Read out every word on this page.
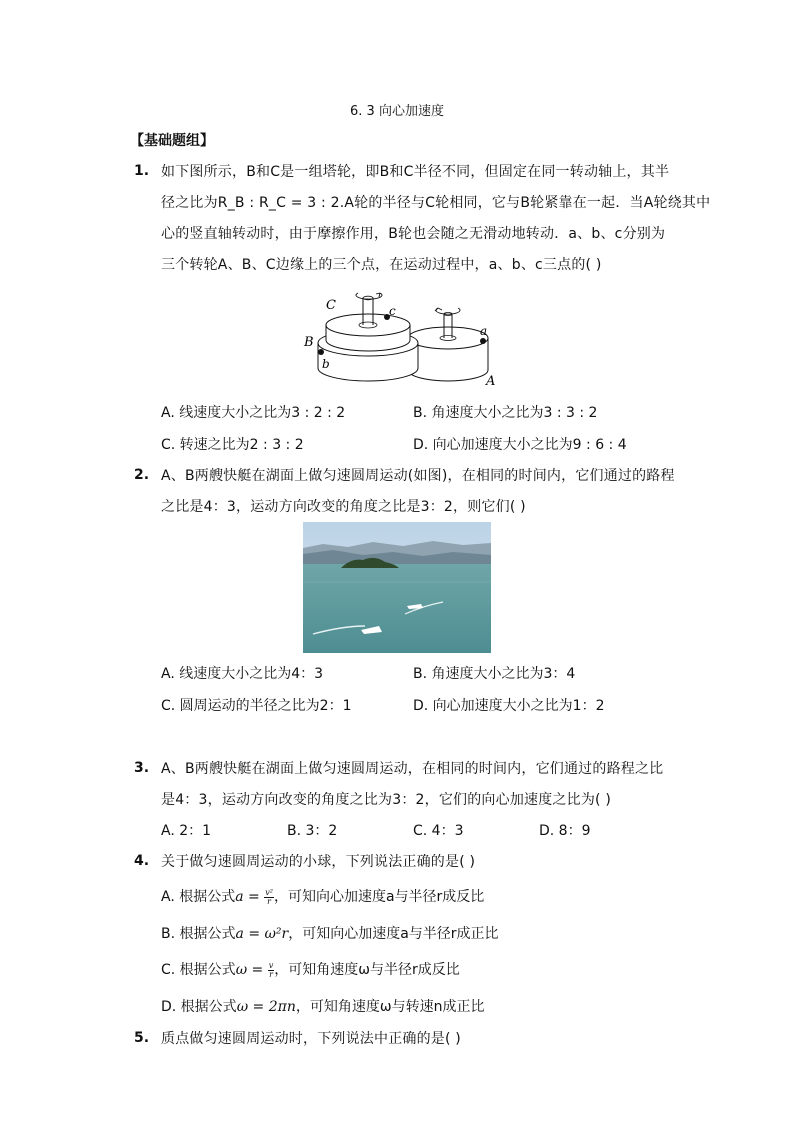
6. 3 向心加速度
【基础题组】
1. 如下图所示，B和C是一组塔轮，即B和C半径不同，但固定在同一转动轴上，其半
径之比为R_B : R_C = 3 : 2.A轮的半径与C轮相同，它与B轮紧靠在一起．当A轮绕其中
心的竖直轴转动时，由于摩擦作用，B轮也会随之无滑动地转动．a、b、c分别为
三个转轮A、B、C边缘上的三个点，在运动过程中，a、b、c三点的( )
C	c
B
b
a
A
A. 线速度大小之比为3 : 2 : 2	B. 角速度大小之比为3 : 3 : 2
C. 转速之比为2 : 3 : 2	D. 向心加速度大小之比为9 : 6 : 4
2. A、B两艘快艇在湖面上做匀速圆周运动(如图)，在相同的时间内，它们通过的路程
之比是4：3，运动方向改变的角度之比是3：2，则它们( )
A. 线速度大小之比为4：3	B. 角速度大小之比为3：4
C. 圆周运动的半径之比为2：1	D. 向心加速度大小之比为1：2
3. A、B两艘快艇在湖面上做匀速圆周运动，在相同的时间内，它们通过的路程之比
是4：3，运动方向改变的角度之比为3：2，它们的向心加速度之比为( )
A. 2：1	B. 3：2	C. 4：3	D. 8：9
4. 关于做匀速圆周运动的小球，下列说法正确的是( )
A. 根据公式$a = \frac{\text{v²}}{r}$ ，可知向心加速度a与半径r成反比
B. 根据公式a = ω²r，可知向心加速度a与半径r成正比
C. 根据公式$\omega = \frac{v}{r}$ ，可知角速度ω与半径r成反比
D. 根据公式ω = 2πn，可知角速度ω与转速n成正比
5. 质点做匀速圆周运动时，下列说法中正确的是( )
